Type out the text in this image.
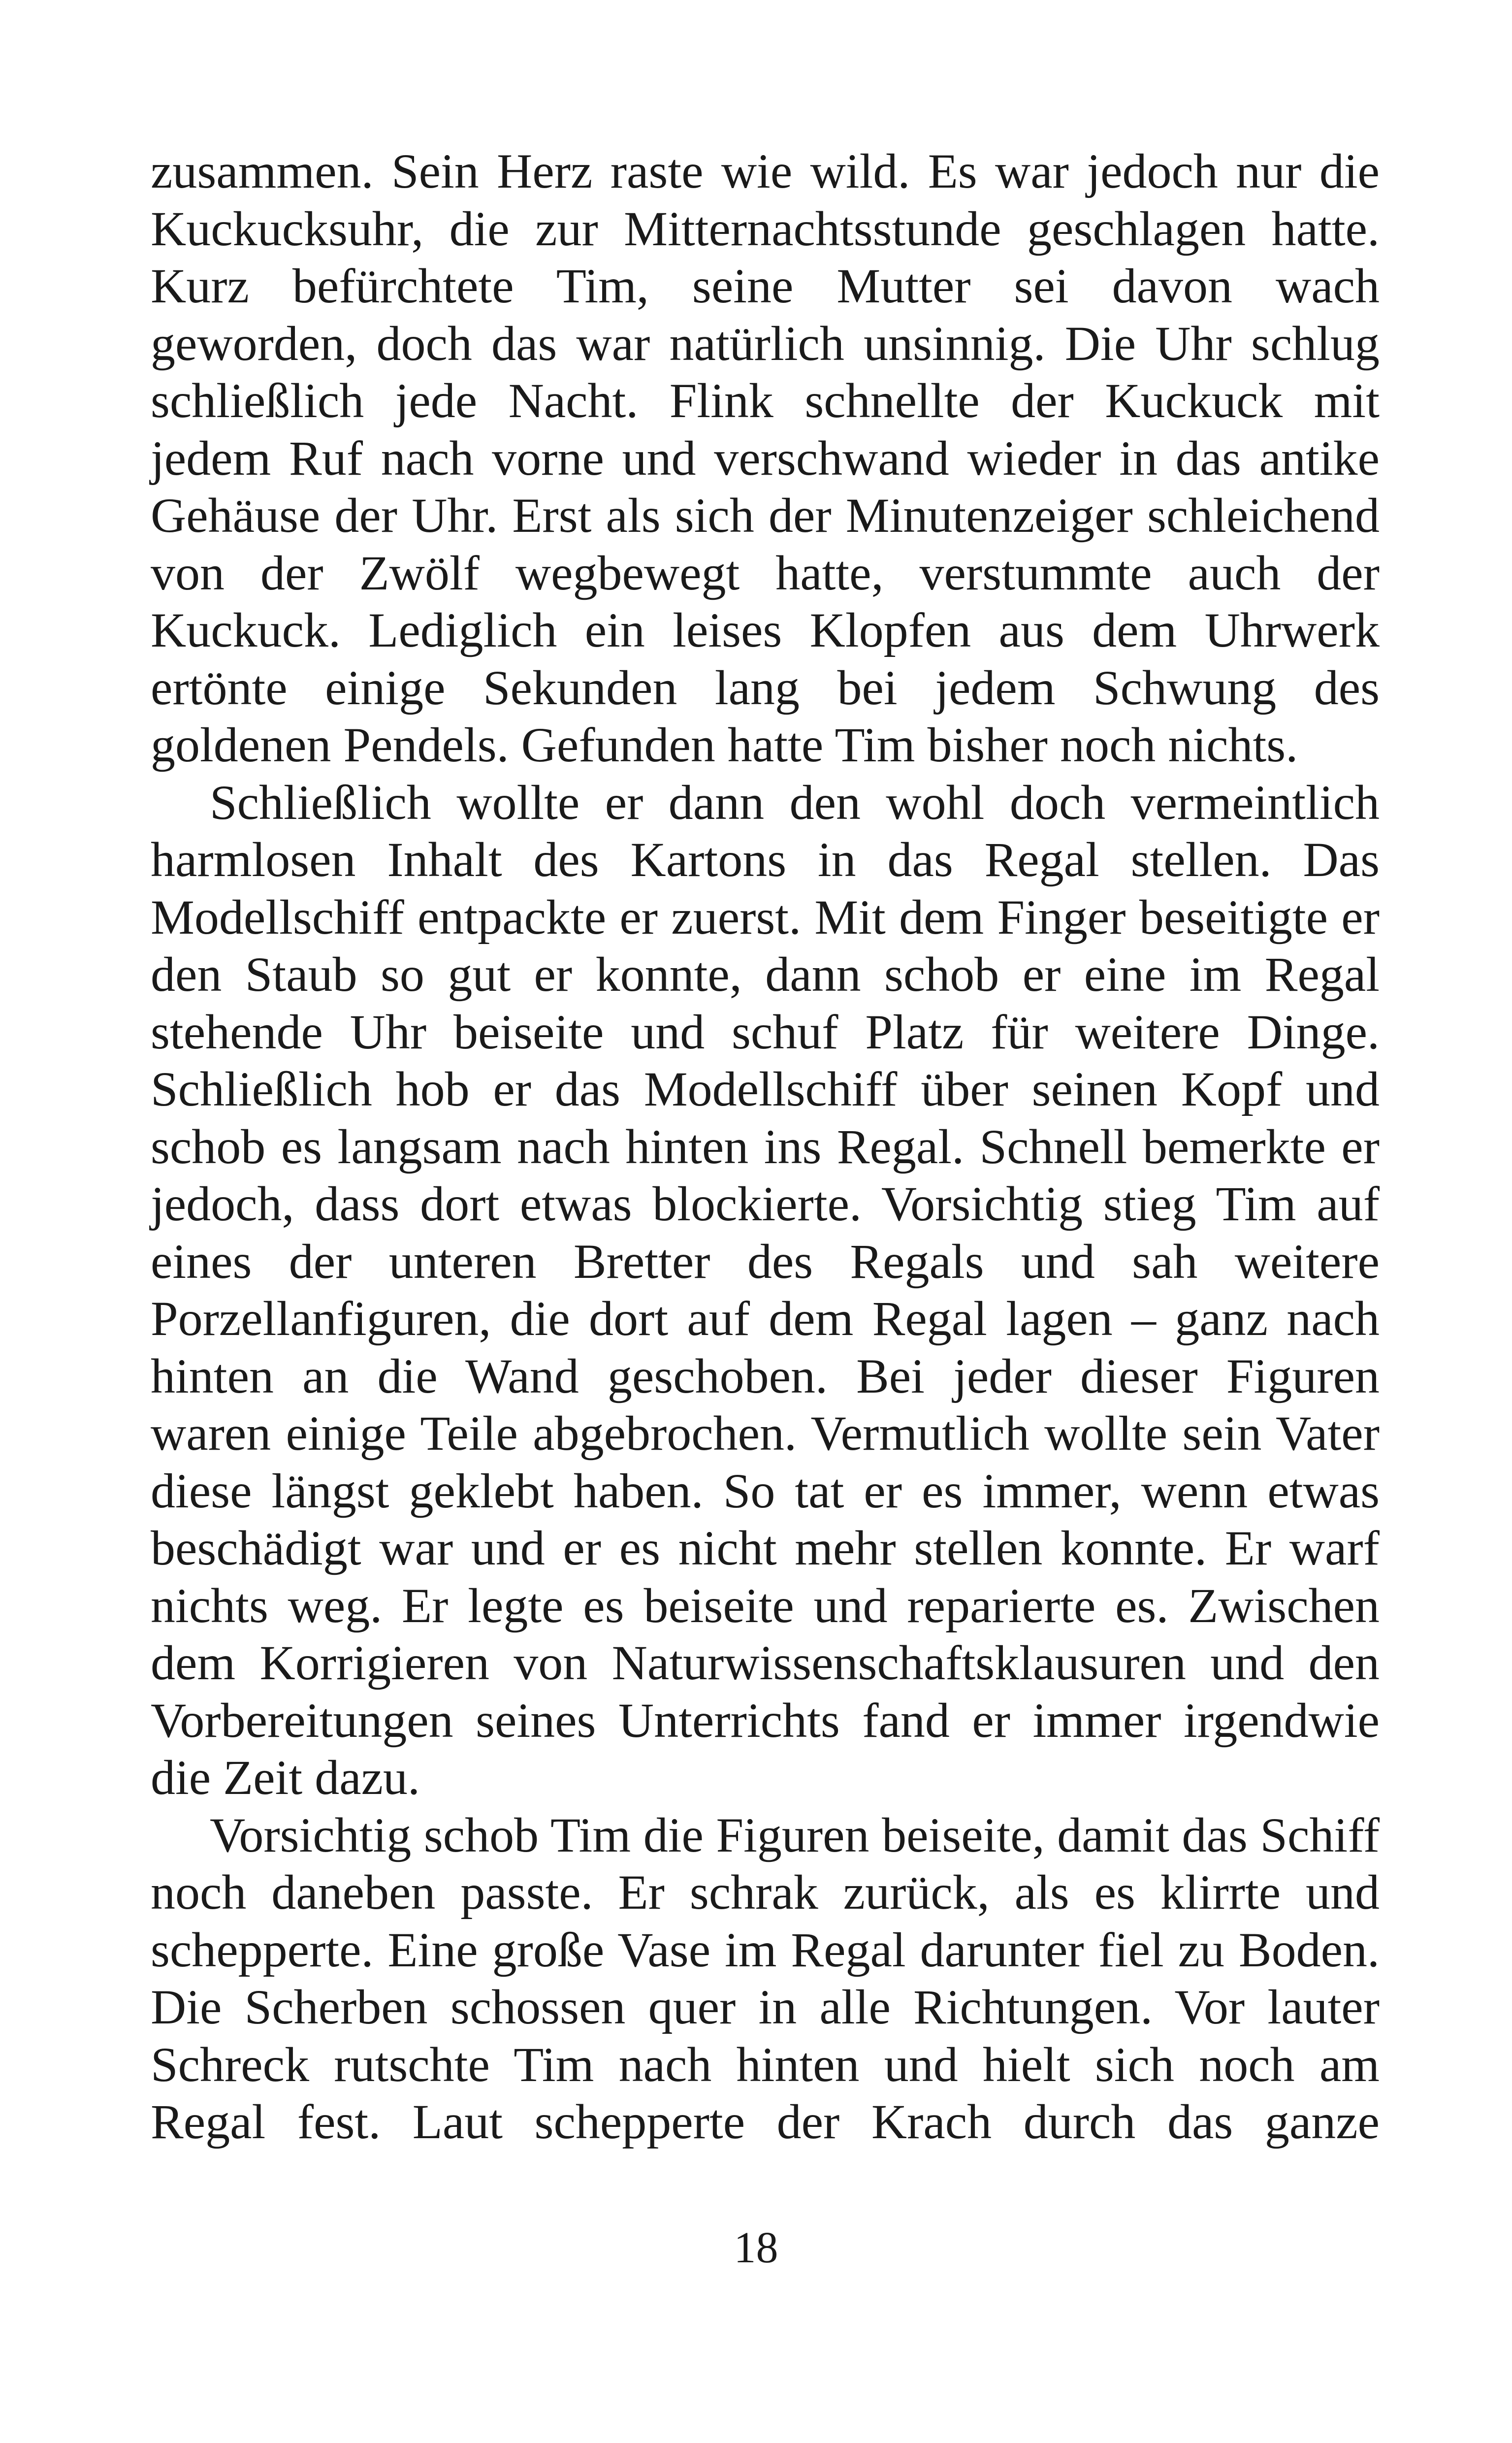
zusammen. Sein Herz raste wie wild. Es war jedoch nur die Kuckucksuhr, die zur Mitternachtsstunde geschlagen hatte. Kurz befürchtete Tim, seine Mutter sei davon wach geworden, doch das war natürlich unsinnig. Die Uhr schlug schließlich jede Nacht. Flink schnellte der Kuckuck mit jedem Ruf nach vorne und verschwand wieder in das antike Gehäuse der Uhr. Erst als sich der Minutenzeiger schleichend von der Zwölf wegbewegt hatte, verstummte auch der Kuckuck. Lediglich ein leises Klopfen aus dem Uhrwerk ertönte einige Sekunden lang bei jedem Schwung des goldenen Pendels. Gefunden hatte Tim bisher noch nichts.

Schließlich wollte er dann den wohl doch vermeintlich harmlosen Inhalt des Kartons in das Regal stellen. Das Modellschiff entpackte er zuerst. Mit dem Finger beseitigte er den Staub so gut er konnte, dann schob er eine im Regal stehende Uhr beiseite und schuf Platz für weitere Dinge. Schließlich hob er das Modellschiff über seinen Kopf und schob es langsam nach hinten ins Regal. Schnell bemerkte er jedoch, dass dort etwas blockierte. Vorsichtig stieg Tim auf eines der unteren Bretter des Regals und sah weitere Porzellanfiguren, die dort auf dem Regal lagen – ganz nach hinten an die Wand geschoben. Bei jeder dieser Figuren waren einige Teile abgebrochen. Vermutlich wollte sein Vater diese längst geklebt haben. So tat er es immer, wenn etwas beschädigt war und er es nicht mehr stellen konnte. Er warf nichts weg. Er legte es beiseite und reparierte es. Zwischen dem Korrigieren von Naturwissenschaftsklausuren und den Vorbereitungen seines Unterrichts fand er immer irgendwie die Zeit dazu.

Vorsichtig schob Tim die Figuren beiseite, damit das Schiff noch daneben passte. Er schrak zurück, als es klirrte und schepperte. Eine große Vase im Regal darunter fiel zu Boden. Die Scherben schossen quer in alle Richtungen. Vor lauter Schreck rutschte Tim nach hinten und hielt sich noch am Regal fest. Laut schepperte der Krach durch das ganze

18
